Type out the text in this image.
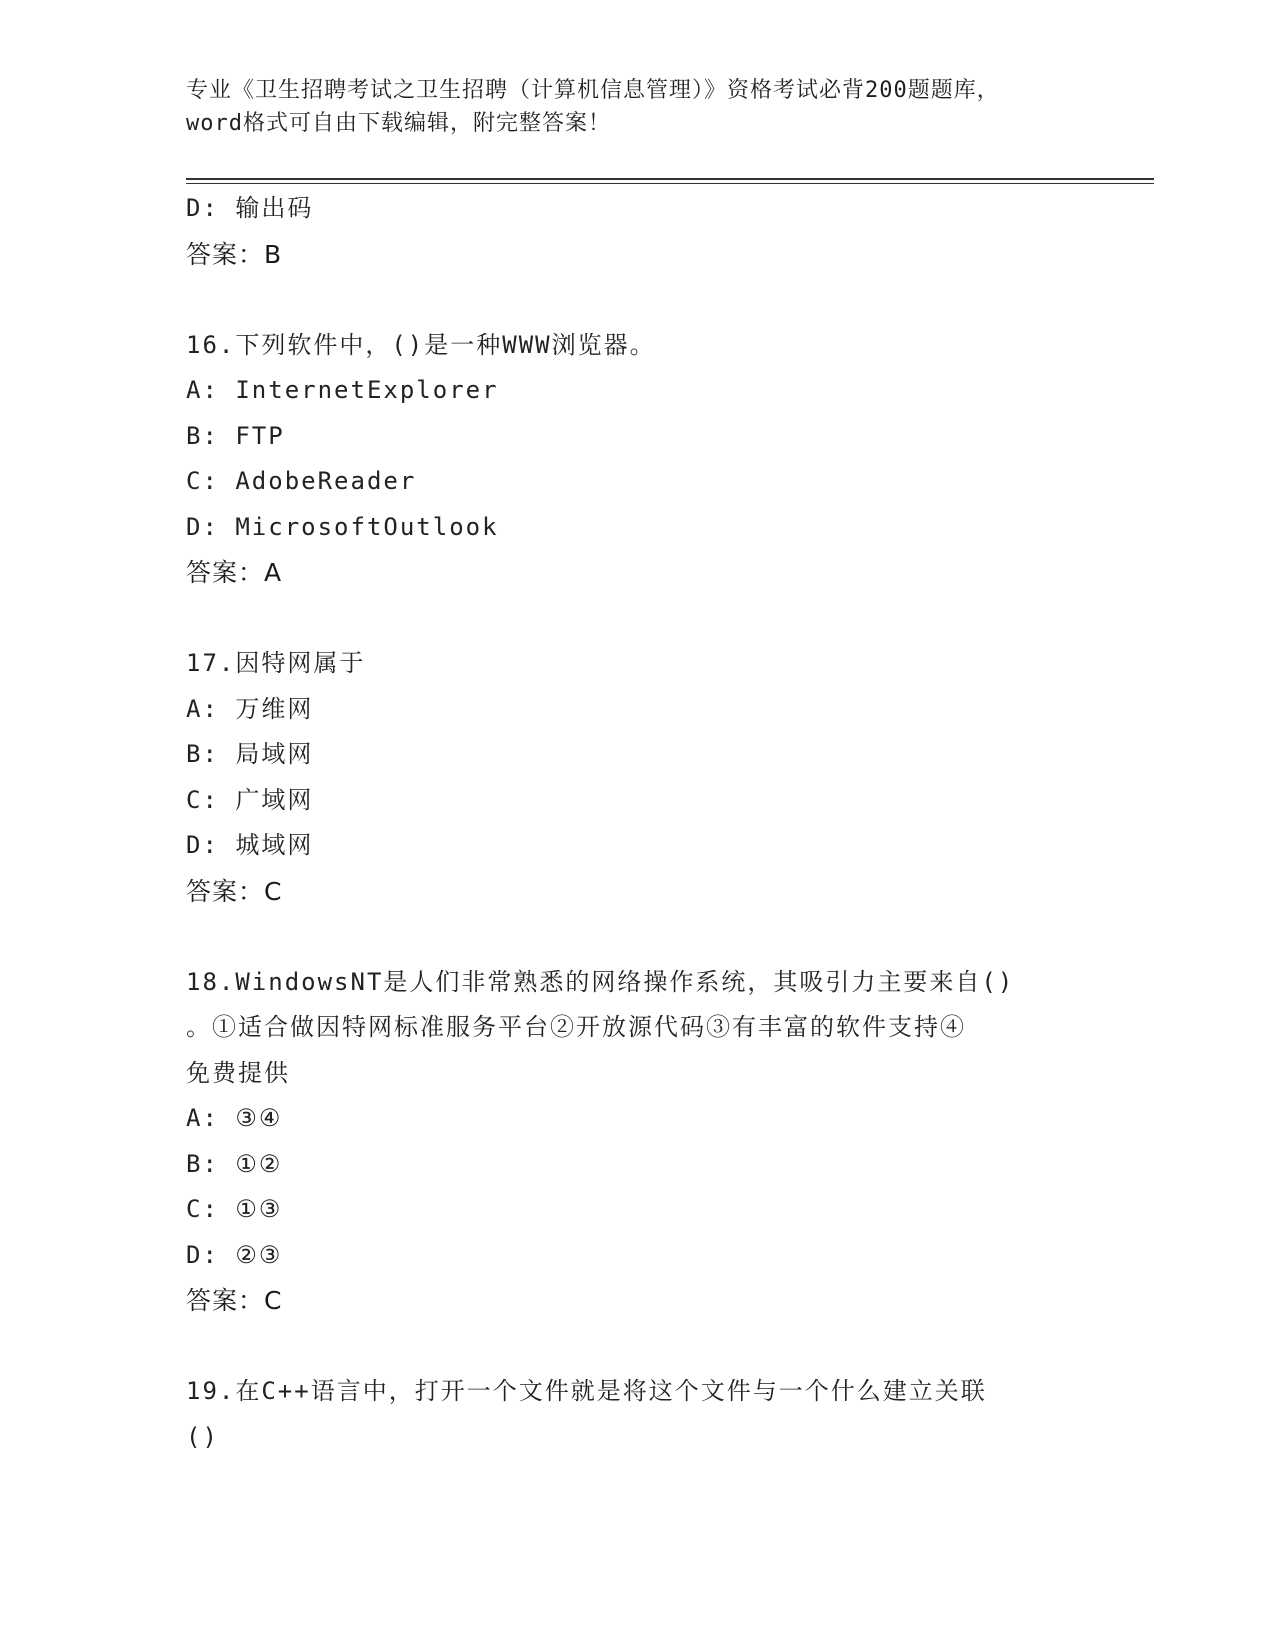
专业《卫生招聘考试之卫生招聘（计算机信息管理）》资格考试必背200题题库，
word格式可自由下载编辑，附完整答案！
D: 输出码
答案：B
16.下列软件中，()是一种WWW浏览器。
A: InternetExplorer
B: FTP
C: AdobeReader
D: MicrosoftOutlook
答案：A
17.因特网属于
A: 万维网
B: 局域网
C: 广域网
D: 城域网
答案：C
18.WindowsNT是人们非常熟悉的网络操作系统，其吸引力主要来自()
。①适合做因特网标准服务平台②开放源代码③有丰富的软件支持④
免费提供
A: ③④
B: ①②
C: ①③
D: ②③
答案：C
19.在C++语言中，打开一个文件就是将这个文件与一个什么建立关联
()
